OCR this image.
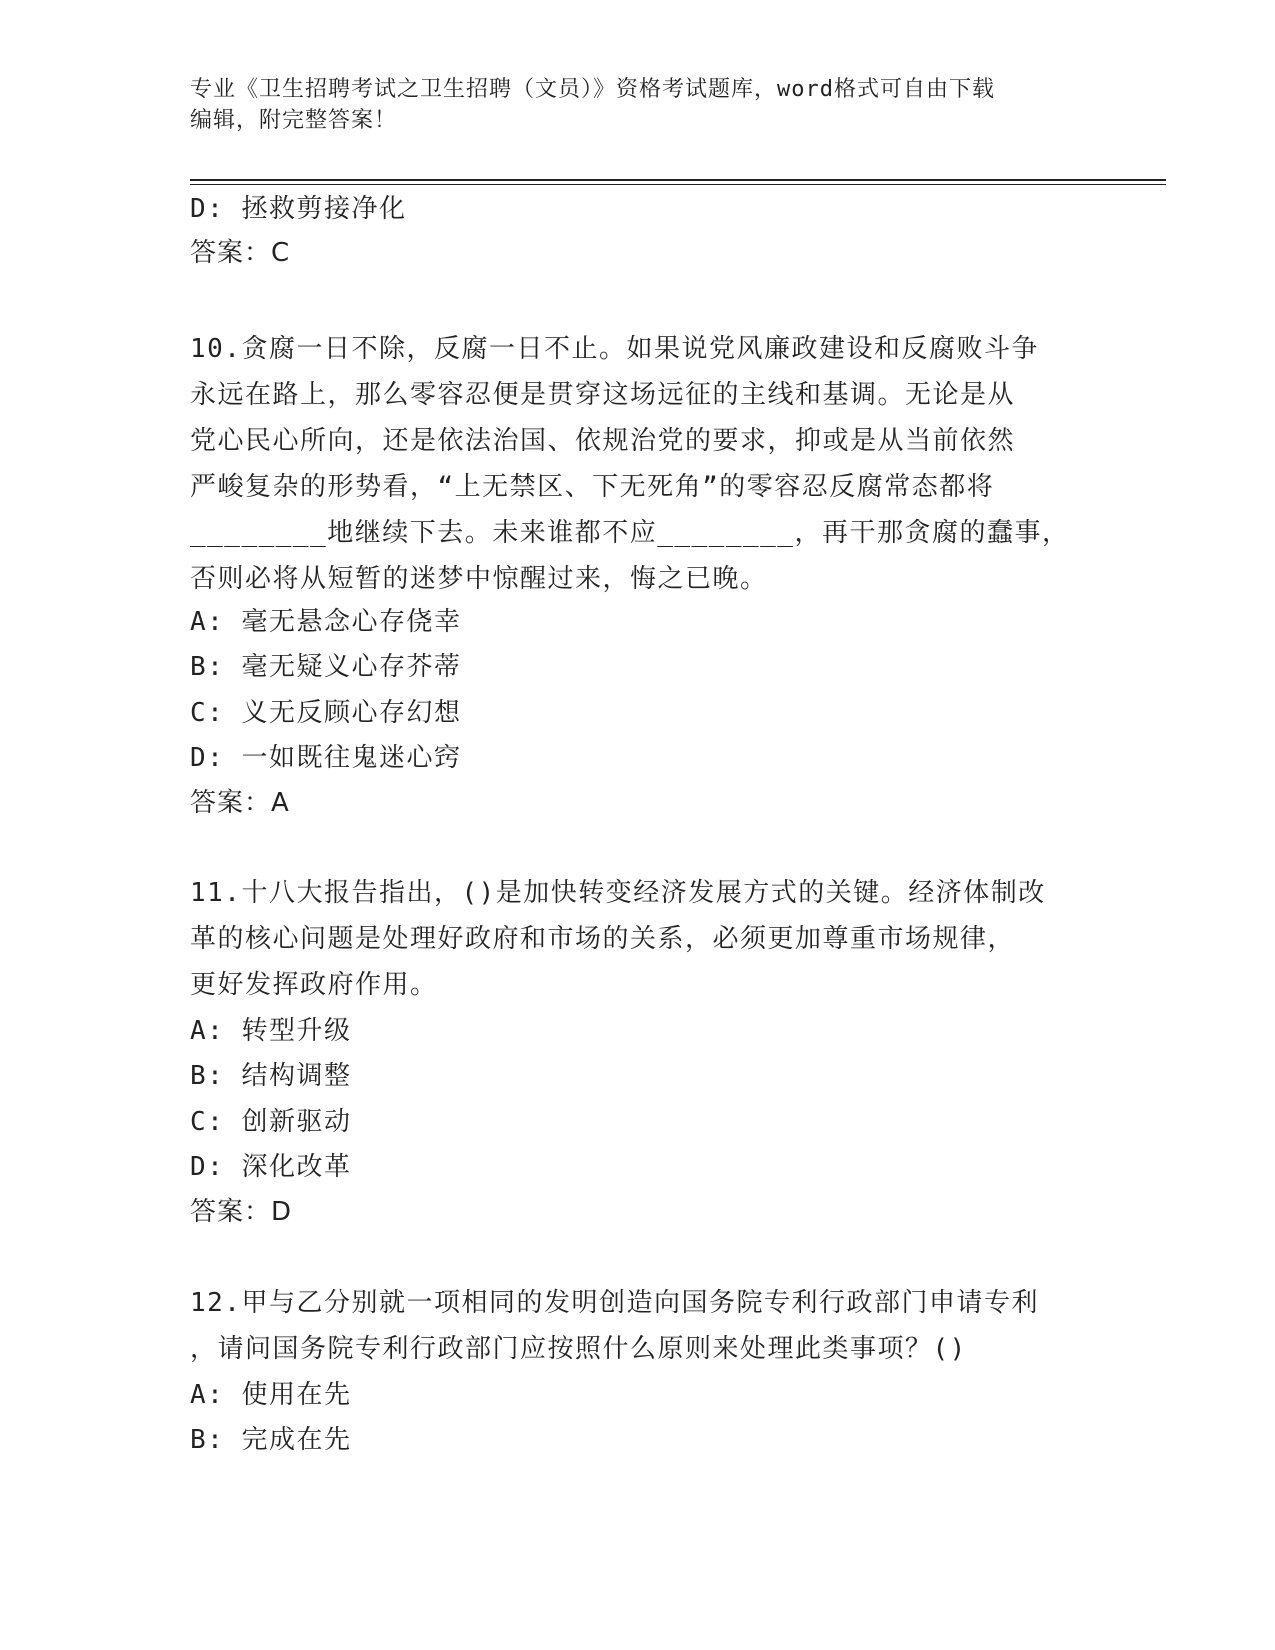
专业《卫生招聘考试之卫生招聘（文员）》资格考试题库，word格式可自由下载
编辑，附完整答案！
D: 拯救剪接净化
答案：C
10.贪腐一日不除，反腐一日不止。如果说党风廉政建设和反腐败斗争
永远在路上，那么零容忍便是贯穿这场远征的主线和基调。无论是从
党心民心所向，还是依法治国、依规治党的要求，抑或是从当前依然
严峻复杂的形势看，“上无禁区、下无死角”的零容忍反腐常态都将
________地继续下去。未来谁都不应________，再干那贪腐的蠢事，
否则必将从短暂的迷梦中惊醒过来，悔之已晚。
A: 毫无悬念心存侥幸
B: 毫无疑义心存芥蒂
C: 义无反顾心存幻想
D: 一如既往鬼迷心窍
答案：A
11.十八大报告指出，()是加快转变经济发展方式的关键。经济体制改
革的核心问题是处理好政府和市场的关系，必须更加尊重市场规律，
更好发挥政府作用。
A: 转型升级
B: 结构调整
C: 创新驱动
D: 深化改革
答案：D
12.甲与乙分别就一项相同的发明创造向国务院专利行政部门申请专利
，请问国务院专利行政部门应按照什么原则来处理此类事项？()
A: 使用在先
B: 完成在先
